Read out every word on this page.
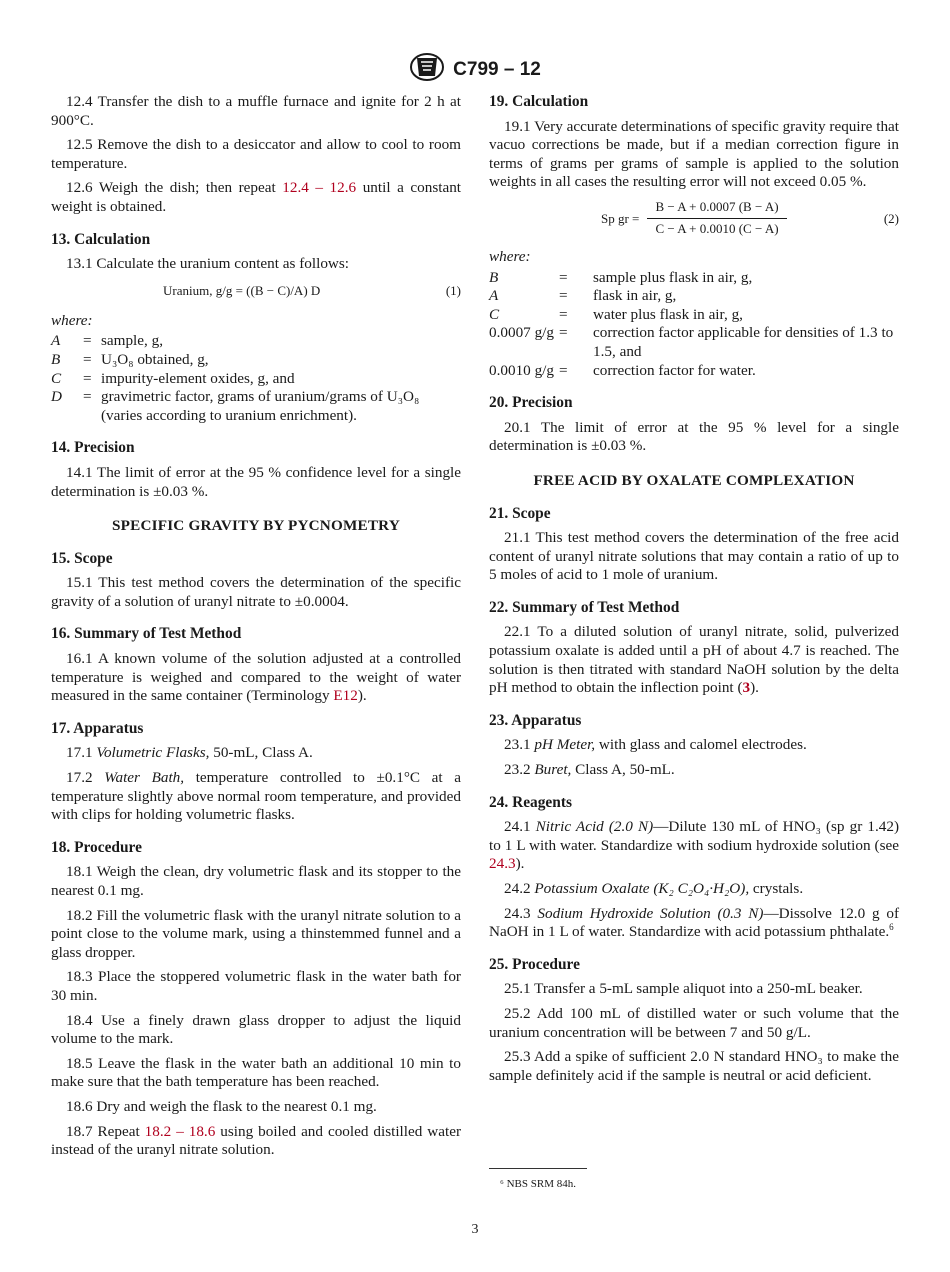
C799 – 12

12.4 Transfer the dish to a muffle furnace and ignite for 2 h at 900°C.

12.5 Remove the dish to a desiccator and allow to cool to room temperature.

12.6 Weigh the dish; then repeat 12.4 – 12.6 until a constant weight is obtained.

13. Calculation

13.1 Calculate the uranium content as follows:

Uranium, g/g = ((B − C)/A) D	(1)
where:
A	= sample, g,
B	= U₃O₈ obtained, g,
C	= impurity-element oxides, g, and
D	= gravimetric factor, grams of uranium/grams of U₃O₈ (varies according to uranium enrichment).
14. Precision

14.1 The limit of error at the 95 % confidence level for a single determination is ±0.03 %.

SPECIFIC GRAVITY BY PYCNOMETRY
15. Scope

15.1 This test method covers the determination of the specific gravity of a solution of uranyl nitrate to ±0.0004.

16. Summary of Test Method

16.1 A known volume of the solution adjusted at a controlled temperature is weighed and compared to the weight of water measured in the same container (Terminology E12).

17. Apparatus

17.1 Volumetric Flasks, 50-mL, Class A.

17.2 Water Bath, temperature controlled to ±0.1°C at a temperature slightly above normal room temperature, and provided with clips for holding volumetric flasks.

18. Procedure

18.1 Weigh the clean, dry volumetric flask and its stopper to the nearest 0.1 mg.

18.2 Fill the volumetric flask with the uranyl nitrate solution to a point close to the volume mark, using a thinstemmed funnel and a glass dropper.

18.3 Place the stoppered volumetric flask in the water bath for 30 min.

18.4 Use a finely drawn glass dropper to adjust the liquid volume to the mark.

18.5 Leave the flask in the water bath an additional 10 min to make sure that the bath temperature has been reached.

18.6 Dry and weigh the flask to the nearest 0.1 mg.

18.7 Repeat 18.2 – 18.6 using boiled and cooled distilled water instead of the uranyl nitrate solution.

19. Calculation

19.1 Very accurate determinations of specific gravity require that vacuo corrections be made, but if a median correction figure in terms of grams per grams of sample is applied to the solution weights in all cases the resulting error will not exceed 0.05 %.

Sp gr = $\frac{B - A + 0.0007 (B - A)}{C - A + 0.0010 (C - A)}$	(2)
where:
B	=	sample plus flask in air, g,
A	=	flask in air, g,
C	=	water plus flask in air, g,
0.0007 g/g =	correction factor applicable for densities of 1.3 to 1.5, and
0.0010 g/g =	correction factor for water.
20. Precision

20.1 The limit of error at the 95 % level for a single determination is ±0.03 %.

FREE ACID BY OXALATE COMPLEXATION
21. Scope

21.1 This test method covers the determination of the free acid content of uranyl nitrate solutions that may contain a ratio of up to 5 moles of acid to 1 mole of uranium.

22. Summary of Test Method

22.1 To a diluted solution of uranyl nitrate, solid, pulverized potassium oxalate is added until a pH of about 4.7 is reached. The solution is then titrated with standard NaOH solution by the delta pH method to obtain the inflection point (3).

23. Apparatus

23.1 pH Meter, with glass and calomel electrodes.

23.2 Buret, Class A, 50-mL.

24. Reagents

24.1 Nitric Acid (2.0 N)—Dilute 130 mL of HNO₃ (sp gr 1.42) to 1 L with water. Standardize with sodium hydroxide solution (see 24.3).

24.2 Potassium Oxalate (K₂ C₂O₄·H₂O), crystals.

24.3 Sodium Hydroxide Solution (0.3 N)—Dissolve 12.0 g of NaOH in 1 L of water. Standardize with acid potassium phthalate.$^6$

25. Procedure

25.1 Transfer a 5-mL sample aliquot into a 250-mL beaker.

25.2 Add 100 mL of distilled water or such volume that the uranium concentration will be between 7 and 50 g/L.

25.3 Add a spike of sufficient 2.0 N standard HNO₃ to make the sample definitely acid if the sample is neutral or acid deficient.

⁶ NBS SRM 84h.
3
